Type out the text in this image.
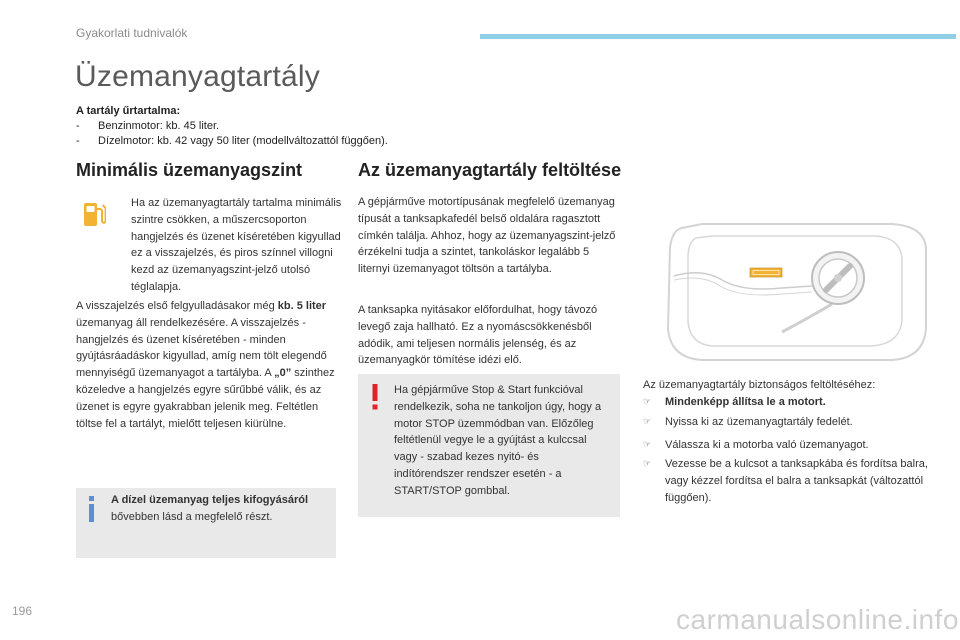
Gyakorlati tudnivalók
Üzemanyagtartály
A tartály űrtartalma:
-	Benzinmotor: kb. 45 liter.
-	Dízelmotor: kb. 42 vagy 50 liter (modellváltozattól függően).
Minimális üzemanyagszint
Ha az üzemanyagtartály tartalma minimális szintre csökken, a műszercsoporton hangjelzés és üzenet kíséretében kigyullad ez a visszajelzés, és piros színnel villogni kezd az üzemanyagszint-jelző utolsó téglalapja.
A visszajelzés első felgyulladásakor még kb. 5 liter üzemanyag áll rendelkezésére. A visszajelzés - hangjelzés és üzenet kíséretében - minden gyújtásráadáskor kigyullad, amíg nem tölt elegendő mennyiségű üzemanyagot a tartályba. A „0” szinthez közeledve a hangjelzés egyre sűrűbbé válik, és az üzenet is egyre gyakrabban jelenik meg. Feltétlen töltse fel a tartályt, mielőtt teljesen kiürülne.
A dízel üzemanyag teljes kifogyásáról bővebben lásd a megfelelő részt.
Az üzemanyagtartály feltöltése
A gépjárműve motortípusának megfelelő üzemanyag típusát a tanksapkafedél belső oldalára ragasztott címkén találja. Ahhoz, hogy az üzemanyagszint-jelző érzékelni tudja a szintet, tankoláskor legalább 5 liternyi üzemanyagot töltsön a tartályba.
A tanksapka nyitásakor előfordulhat, hogy távozó levegő zaja hallható. Ez a nyomáscsökkenésből adódik, ami teljesen normális jelenség, és az üzemanyagkör tömítése idézi elő.
Ha gépjárműve Stop & Start funkcióval rendelkezik, soha ne tankoljon úgy, hogy a motor STOP üzemmódban van. Előzőleg feltétlenül vegye le a gyújtást a kulccsal vagy - szabad kezes nyitó- és indítórendszer rendszer esetén - a START/STOP gombbal.
Az üzemanyagtartály biztonságos feltöltéséhez:
☞	Mindenképp állítsa le a motort.
☞	Nyissa ki az üzemanyagtartály fedelét.
☞	Válassza ki a motorba való üzemanyagot.
☞	Vezesse be a kulcsot a tanksapkába és fordítsa balra, vagy kézzel fordítsa el balra a tanksapkát (változattól függően).
196	carmanualsonline.info
